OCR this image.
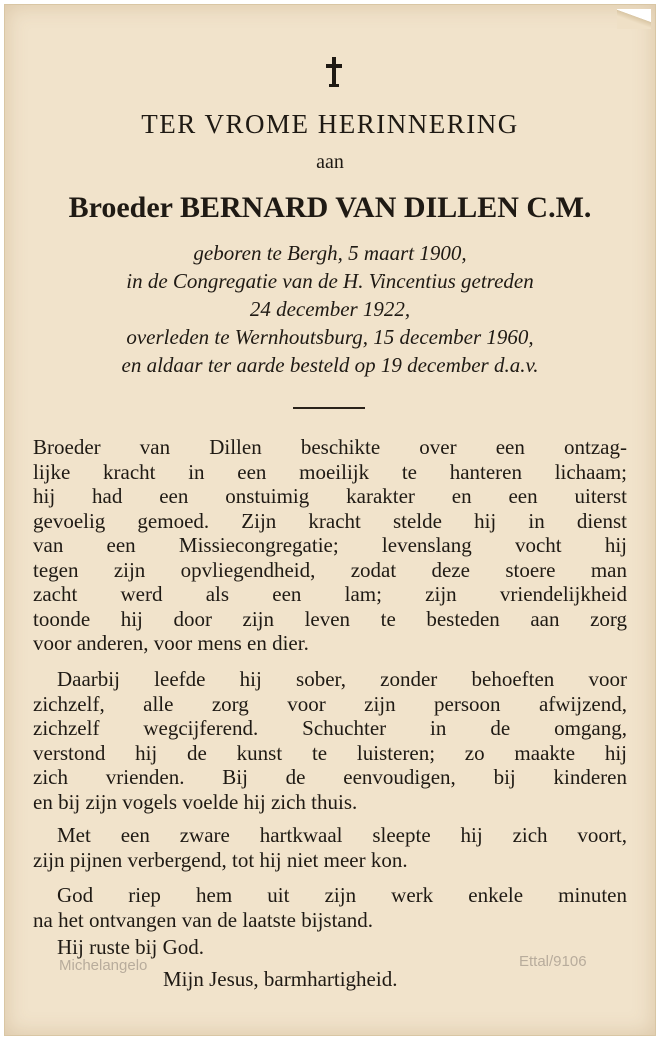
TER VROME HERINNERING
aan
Broeder BERNARD VAN DILLEN C.M.
geboren te Bergh, 5 maart 1900,
in de Congregatie van de H. Vincentius getreden
24 december 1922,
overleden te Wernhoutsburg, 15 december 1960,
en aldaar ter aarde besteld op 19 december d.a.v.
Broeder van Dillen beschikte over een ontzag-
lijke kracht in een moeilijk te hanteren lichaam;
hij had een onstuimig karakter en een uiterst
gevoelig gemoed. Zijn kracht stelde hij in dienst
van een Missiecongregatie; levenslang vocht hij
tegen zijn opvliegendheid, zodat deze stoere man
zacht werd als een lam; zijn vriendelijkheid
toonde hij door zijn leven te besteden aan zorg
voor anderen, voor mens en dier.
Daarbij leefde hij sober, zonder behoeften voor
zichzelf, alle zorg voor zijn persoon afwijzend,
zichzelf wegcijferend. Schuchter in de omgang,
verstond hij de kunst te luisteren; zo maakte hij
zich vrienden. Bij de eenvoudigen, bij kinderen
en bij zijn vogels voelde hij zich thuis.
Met een zware hartkwaal sleepte hij zich voort,
zijn pijnen verbergend, tot hij niet meer kon.
God riep hem uit zijn werk enkele minuten
na het ontvangen van de laatste bijstand.
Hij ruste bij God.
Michelangelo
Mijn Jesus, barmhartigheid.
Ettal/9106
